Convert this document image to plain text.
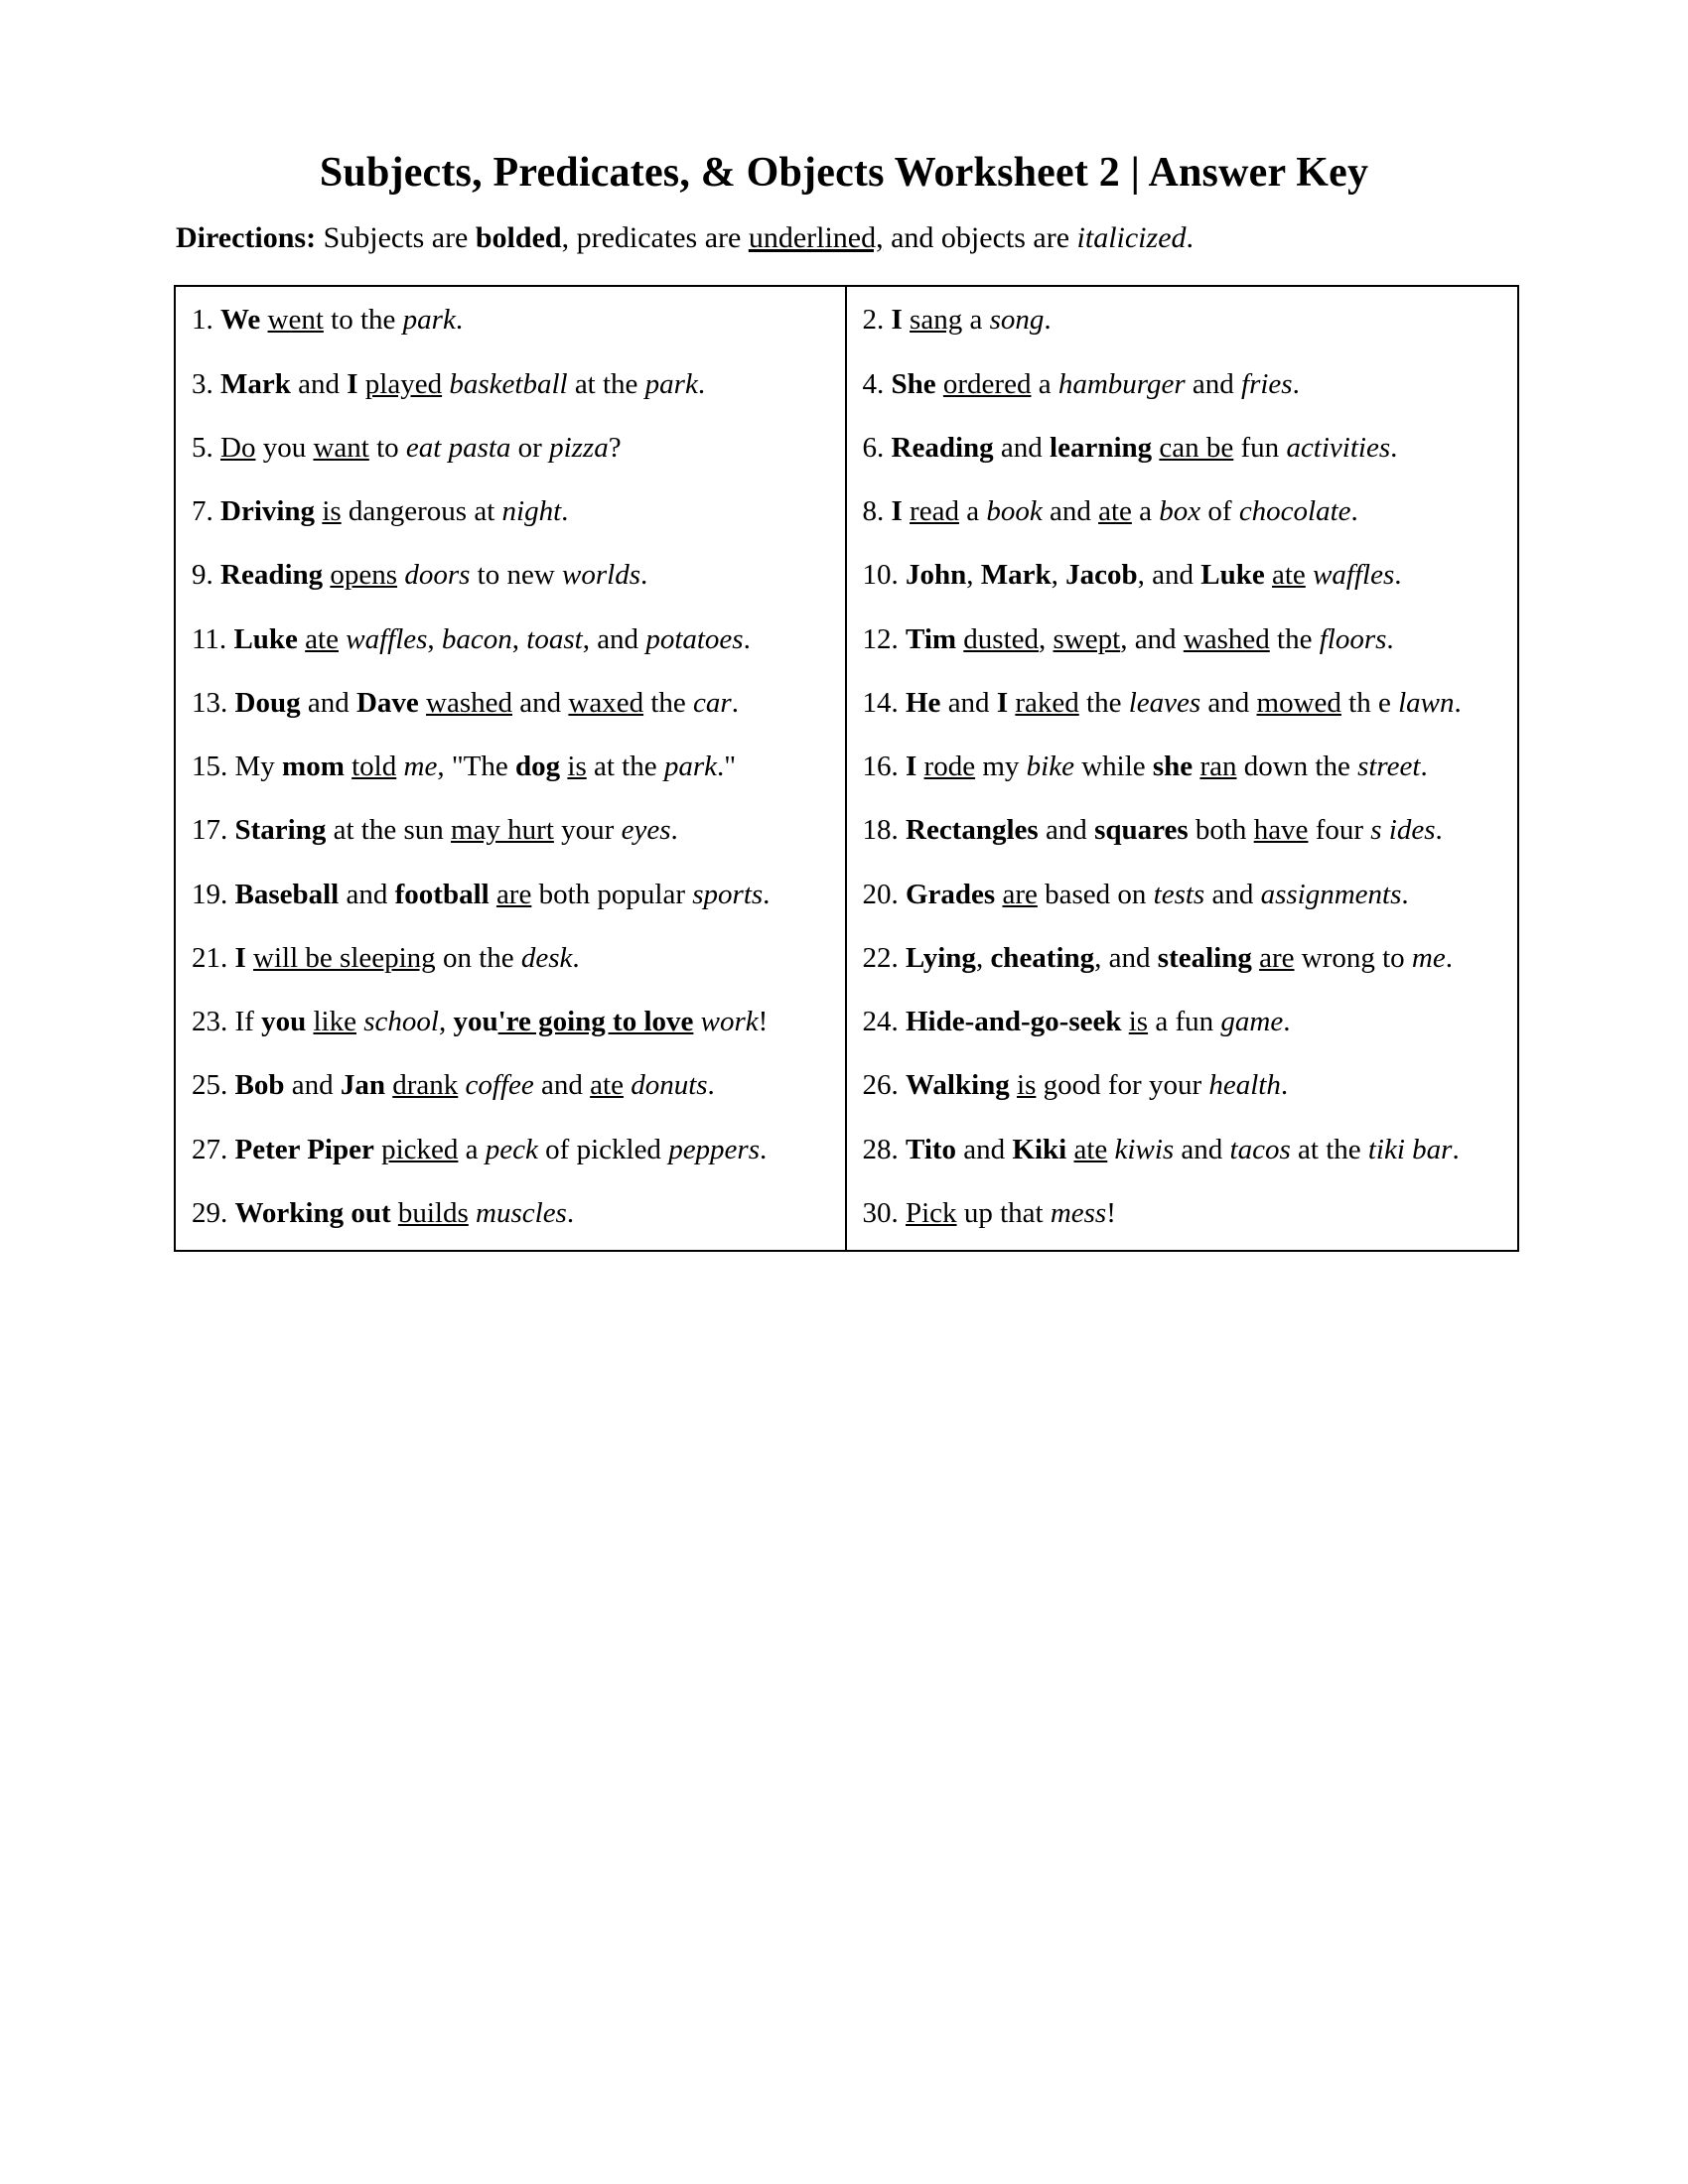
Subjects, Predicates, & Objects Worksheet 2 | Answer Key

Directions: Subjects are bolded, predicates are underlined, and objects are italicized.

1. We went to the park.

3. Mark and I played basketball at the park.

5. Do you want to eat pasta or pizza?

7. Driving is dangerous at night.

9. Reading opens doors to new worlds.

11. Luke ate waffles, bacon, toast, and potatoes.

13. Doug and Dave washed and waxed the car.

15. My mom told me, "The dog is at the park."

17. Staring at the sun may hurt your eyes.

19. Baseball and football are both popular sports.

21. I will be sleeping on the desk.

23. If you like school, you're going to love work!

25. Bob and Jan drank coffee and ate donuts.

27. Peter Piper picked a peck of pickled peppers.

29. Working out builds muscles.

2. I sang a song.

4. She ordered a hamburger and fries.

6. Reading and learning can be fun activities.

8. I read a book and ate a box of chocolate.

10. John, Mark, Jacob, and Luke ate waffles.

12. Tim dusted, swept, and washed the floors.

14. He and I raked the leaves and mowed th e lawn.

16. I rode my bike while she ran down the street.

18. Rectangles and squares both have four s ides.

20. Grades are based on tests and assignments.

22. Lying, cheating, and stealing are wrong to me.

24. Hide-and-go-seek is a fun game.

26. Walking is good for your health.

28. Tito and Kiki ate kiwis and tacos at the tiki bar.

30. Pick up that mess!
